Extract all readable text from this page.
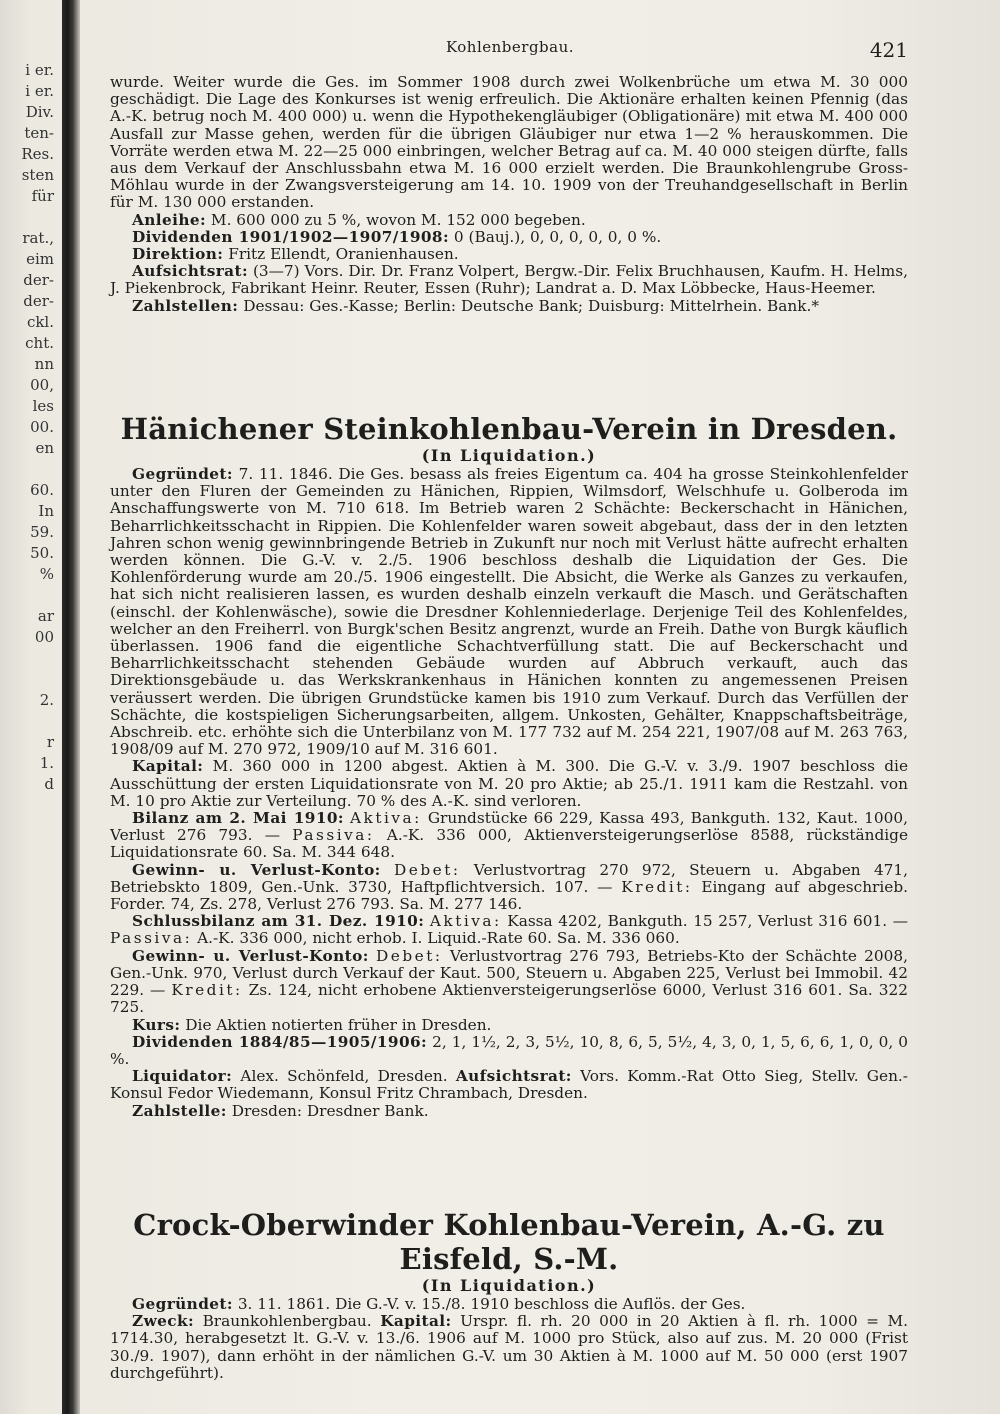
i er.
i er.
Div.
ten-
Res.
sten
für

rat.,
eim
der-
der-
ckl.
cht.
nn
00,
les
00.
en

60.
In
59.
50.
%

ar
00

2.

r
1.
d

Kohlenbergbau.	421

wurde. Weiter wurde die Ges. im Sommer 1908 durch zwei Wolkenbrüche um etwa M. 30 000 geschädigt. Die Lage des Konkurses ist wenig erfreulich. Die Aktionäre erhalten keinen Pfennig (das A.-K. betrug noch M. 400 000) u. wenn die Hypothekengläubiger (Obligationäre) mit etwa M. 400 000 Ausfall zur Masse gehen, werden für die übrigen Gläubiger nur etwa 1—2 % herauskommen. Die Vorräte werden etwa M. 22—25 000 einbringen, welcher Betrag auf ca. M. 40 000 steigen dürfte, falls aus dem Verkauf der Anschlussbahn etwa M. 16 000 erzielt werden. Die Braunkohlengrube Gross-Möhlau wurde in der Zwangsversteigerung am 14. 10. 1909 von der Treuhandgesellschaft in Berlin für M. 130 000 erstanden.

Anleihe: M. 600 000 zu 5 %, wovon M. 152 000 begeben.

Dividenden 1901/1902—1907/1908: 0 (Bauj.), 0, 0, 0, 0, 0, 0 %.

Direktion: Fritz Ellendt, Oranienhausen.

Aufsichtsrat: (3—7) Vors. Dir. Dr. Franz Volpert, Bergw.-Dir. Felix Bruchhausen, Kaufm. H. Helms, J. Piekenbrock, Fabrikant Heinr. Reuter, Essen (Ruhr); Landrat a. D. Max Löbbecke, Haus-Heemer.

Zahlstellen: Dessau: Ges.-Kasse; Berlin: Deutsche Bank; Duisburg: Mittelrhein. Bank.*

Hänichener Steinkohlenbau-Verein in Dresden.

(In Liquidation.)

Gegründet: 7. 11. 1846. Die Ges. besass als freies Eigentum ca. 404 ha grosse Steinkohlenfelder unter den Fluren der Gemeinden zu Hänichen, Rippien, Wilmsdorf, Welschhufe u. Golberoda im Anschaffungswerte von M. 710 618. Im Betrieb waren 2 Schächte: Beckerschacht in Hänichen, Beharrlichkeitsschacht in Rippien. Die Kohlenfelder waren soweit abgebaut, dass der in den letzten Jahren schon wenig gewinnbringende Betrieb in Zukunft nur noch mit Verlust hätte aufrecht erhalten werden können. Die G.-V. v. 2./5. 1906 beschloss deshalb die Liquidation der Ges. Die Kohlenförderung wurde am 20./5. 1906 eingestellt. Die Absicht, die Werke als Ganzes zu verkaufen, hat sich nicht realisieren lassen, es wurden deshalb einzeln verkauft die Masch. und Gerätschaften (einschl. der Kohlenwäsche), sowie die Dresdner Kohlenniederlage. Derjenige Teil des Kohlenfeldes, welcher an den Freiherrl. von Burgk'schen Besitz angrenzt, wurde an Freih. Dathe von Burgk käuflich überlassen. 1906 fand die eigentliche Schachtverfüllung statt. Die auf Beckerschacht und Beharrlichkeitsschacht stehenden Gebäude wurden auf Abbruch verkauft, auch das Direktionsgebäude u. das Werkskrankenhaus in Hänichen konnten zu angemessenen Preisen veräussert werden. Die übrigen Grundstücke kamen bis 1910 zum Verkauf. Durch das Verfüllen der Schächte, die kostspieligen Sicherungsarbeiten, allgem. Unkosten, Gehälter, Knappschaftsbeiträge, Abschreib. etc. erhöhte sich die Unterbilanz von M. 177 732 auf M. 254 221, 1907/08 auf M. 263 763, 1908/09 auf M. 270 972, 1909/10 auf M. 316 601.

Kapital: M. 360 000 in 1200 abgest. Aktien à M. 300. Die G.-V. v. 3./9. 1907 beschloss die Ausschüttung der ersten Liquidationsrate von M. 20 pro Aktie; ab 25./1. 1911 kam die Restzahl. von M. 10 pro Aktie zur Verteilung. 70 % des A.-K. sind verloren.

Bilanz am 2. Mai 1910: Aktiva: Grundstücke 66 229, Kassa 493, Bankguth. 132, Kaut. 1000, Verlust 276 793. — Passiva: A.-K. 336 000, Aktienversteigerungserlöse 8588, rückständige Liquidationsrate 60. Sa. M. 344 648.

Gewinn- u. Verlust-Konto: Debet: Verlustvortrag 270 972, Steuern u. Abgaben 471, Betriebskto 1809, Gen.-Unk. 3730, Haftpflichtversich. 107. — Kredit: Eingang auf abgeschrieb. Forder. 74, Zs. 278, Verlust 276 793. Sa. M. 277 146.

Schlussbilanz am 31. Dez. 1910: Aktiva: Kassa 4202, Bankguth. 15 257, Verlust 316 601. — Passiva: A.-K. 336 000, nicht erhob. I. Liquid.-Rate 60. Sa. M. 336 060.

Gewinn- u. Verlust-Konto: Debet: Verlustvortrag 276 793, Betriebs-Kto der Schächte 2008, Gen.-Unk. 970, Verlust durch Verkauf der Kaut. 500, Steuern u. Abgaben 225, Verlust bei Immobil. 42 229. — Kredit: Zs. 124, nicht erhobene Aktienversteigerungserlöse 6000, Verlust 316 601. Sa. 322 725.

Kurs: Die Aktien notierten früher in Dresden.

Dividenden 1884/85—1905/1906: 2, 1, 1½, 2, 3, 5½, 10, 8, 6, 5, 5½, 4, 3, 0, 1, 5, 6, 6, 1, 0, 0, 0 %.

Liquidator: Alex. Schönfeld, Dresden. Aufsichtsrat: Vors. Komm.-Rat Otto Sieg, Stellv. Gen.-Konsul Fedor Wiedemann, Konsul Fritz Chrambach, Dresden.

Zahlstelle: Dresden: Dresdner Bank.

Crock-Oberwinder Kohlenbau-Verein, A.-G. zu Eisfeld, S.-M.

(In Liquidation.)

Gegründet: 3. 11. 1861. Die G.-V. v. 15./8. 1910 beschloss die Auflös. der Ges.

Zweck: Braunkohlenbergbau. Kapital: Urspr. fl. rh. 20 000 in 20 Aktien à fl. rh. 1000 = M. 1714.30, herabgesetzt lt. G.-V. v. 13./6. 1906 auf M. 1000 pro Stück, also auf zus. M. 20 000 (Frist 30./9. 1907), dann erhöht in der nämlichen G.-V. um 30 Aktien à M. 1000 auf M. 50 000 (erst 1907 durchgeführt).
